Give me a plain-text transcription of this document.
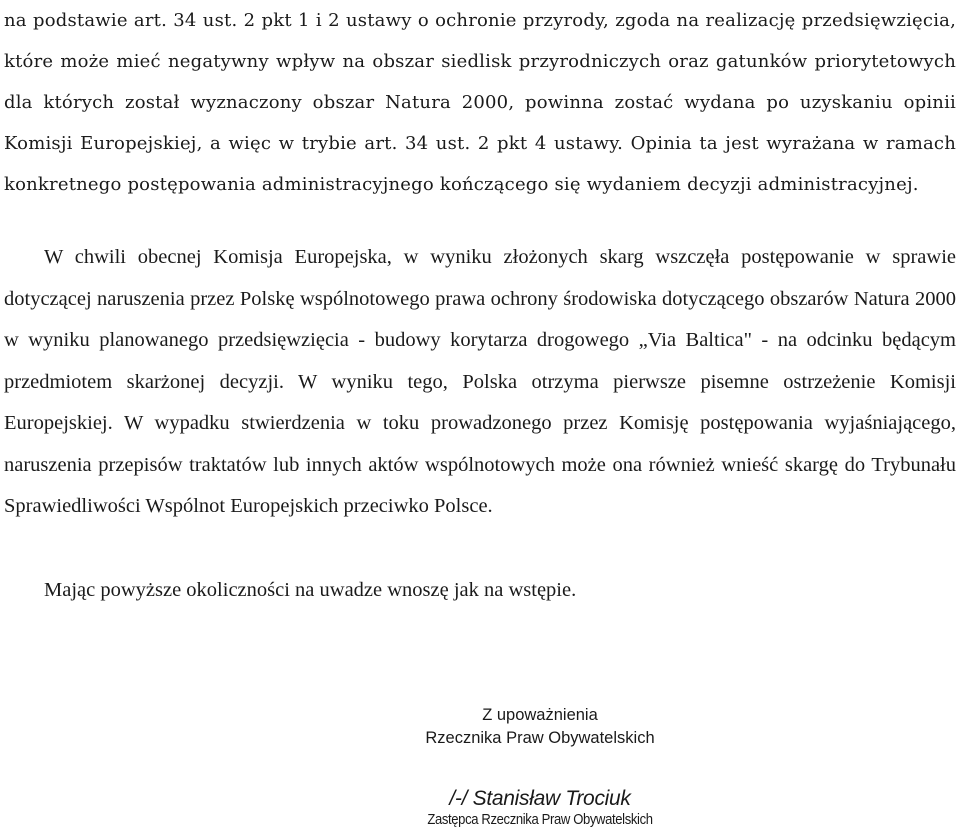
na podstawie art. 34 ust. 2 pkt 1 i 2 ustawy o ochronie przyrody, zgoda na realizację przedsięwzięcia, które może mieć negatywny wpływ na obszar siedlisk przyrodniczych oraz gatunków priorytetowych dla których został wyznaczony obszar Natura 2000, powinna zostać wydana po uzyskaniu opinii Komisji Europejskiej, a więc w trybie art. 34 ust. 2 pkt 4 ustawy. Opinia ta jest wyrażana w ramach konkretnego postępowania administracyjnego kończącego się wydaniem decyzji administracyjnej.

W chwili obecnej Komisja Europejska, w wyniku złożonych skarg wszczęła postępowanie w sprawie dotyczącej naruszenia przez Polskę wspólnotowego prawa ochrony środowiska dotyczącego obszarów Natura 2000 w wyniku planowanego przedsięwzięcia - budowy korytarza drogowego „Via Baltica" - na odcinku będącym przedmiotem skarżonej decyzji. W wyniku tego, Polska otrzyma pierwsze pisemne ostrzeżenie Komisji Europejskiej. W wypadku stwierdzenia w toku prowadzonego przez Komisję postępowania wyjaśniającego, naruszenia przepisów traktatów lub innych aktów wspólnotowych może ona również wnieść skargę do Trybunału Sprawiedliwości Wspólnot Europejskich przeciwko Polsce.

Mając powyższe okoliczności na uwadze wnoszę jak na wstępie.

Z upoważnienia

Rzecznika Praw Obywatelskich

/-/ Stanisław Trociuk

Zastępca Rzecznika Praw Obywatelskich
